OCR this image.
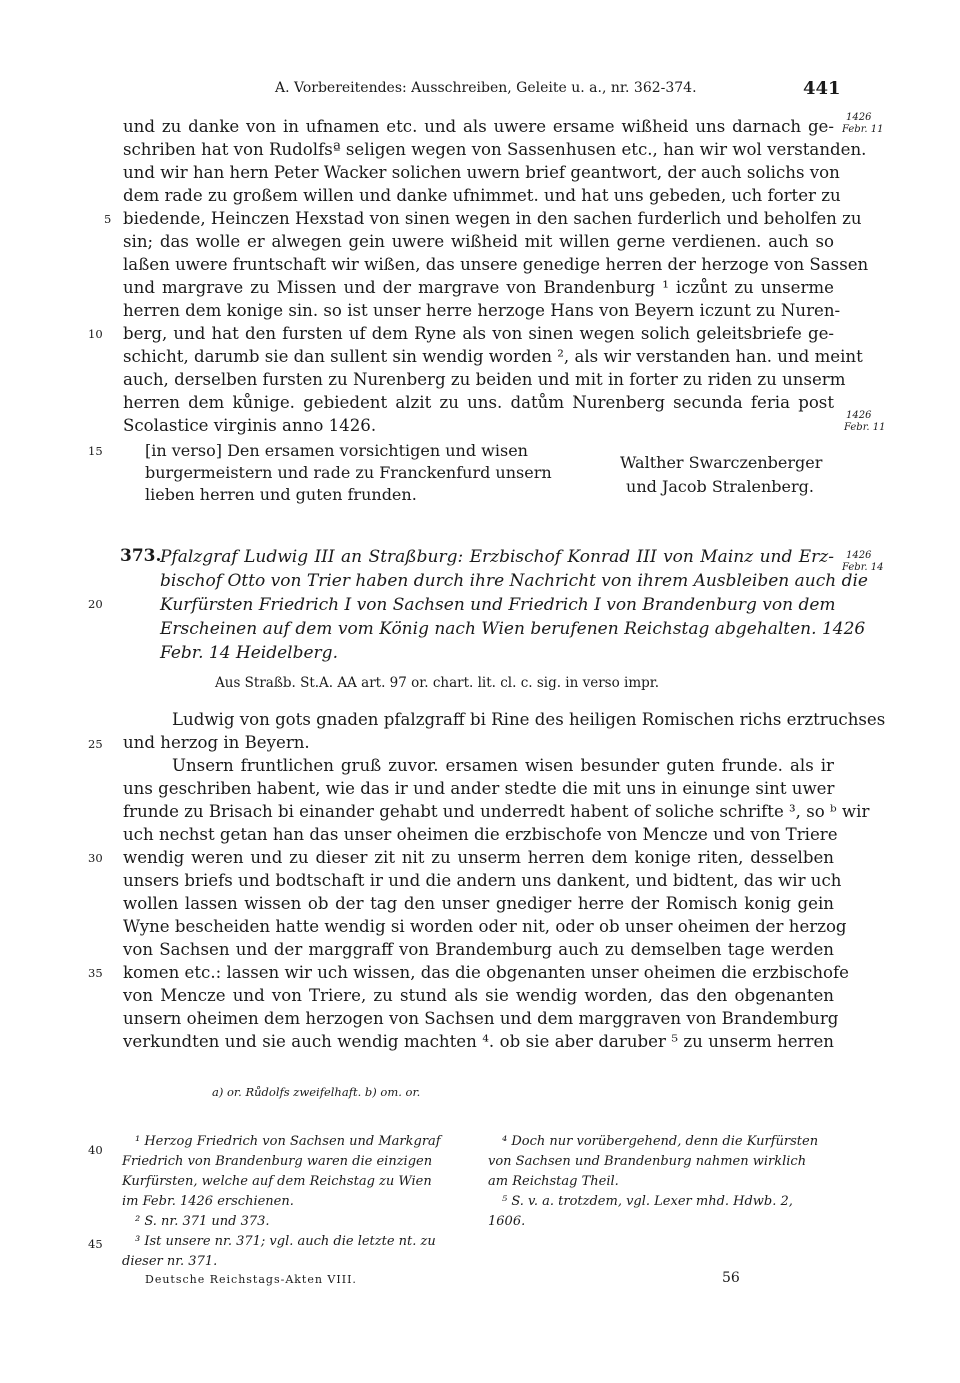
A. Vorbereitendes: Ausschreiben, Geleite u. a., nr. 362-374.	441
und zu danke von in ufnamen etc. und als uwere ersame wißheid uns darnach ge-
schriben hat von Rudolfsª seligen wegen von Sassenhusen etc., han wir wol verstanden.
und wir han hern Peter Wacker solichen uwern brief geantwort, der auch solichs von
dem rade zu großem willen und danke ufnimmet. und hat uns gebeden, uch forter zu
biedende, Heinczen Hexstad von sinen wegen in den sachen furderlich und beholfen zu
sin; das wolle er alwegen gein uwere wißheid mit willen gerne verdienen. auch so
laßen uwere fruntschaft wir wißen, das unsere genedige herren der herzoge von Sassen
und margrave zu Missen und der margrave von Brandenburg ¹ iczůnt zu unserme
herren dem konige sin. so ist unser herre herzoge Hans von Beyern iczunt zu Nuren-
berg, und hat den fursten uf dem Ryne als von sinen wegen solich geleitsbriefe ge-
schicht, darumb sie dan sullent sin wendig worden ², als wir verstanden han. und meint
auch, derselben fursten zu Nurenberg zu beiden und mit in forter zu riden zu unserm
herren dem kůnige. gebiedent alzit zu uns. datům Nurenberg secunda feria post
Scolastice virginis anno 1426.
[in verso] Den ersamen vorsichtigen und wisen
burgermeistern und rade zu Franckenfurd unsern
lieben herren und guten frunden.
Walther Swarczenberger
und Jacob Stralenberg.
1426
Febr. 11
1426
Febr. 11
1426
Febr. 14
5
10
15
20
25
30
35
40
45
373.
Pfalzgraf Ludwig III an Straßburg: Erzbischof Konrad III von Mainz und Erz-
bischof Otto von Trier haben durch ihre Nachricht von ihrem Ausbleiben auch die
Kurfürsten Friedrich I von Sachsen und Friedrich I von Brandenburg von dem
Erscheinen auf dem vom König nach Wien berufenen Reichstag abgehalten. 1426
Febr. 14 Heidelberg.
Aus Straßb. St.A. AA art. 97 or. chart. lit. cl. c. sig. in verso impr.
Ludwig von gots gnaden pfalzgraff bi Rine des heiligen Romischen richs erztruchses
und herzog in Beyern.
Unsern fruntlichen gruß zuvor. ersamen wisen besunder guten frunde. als ir
uns geschriben habent, wie das ir und ander stedte die mit uns in einunge sint uwer
frunde zu Brisach bi einander gehabt und underredt habent of soliche schrifte ³, so ᵇ wir
uch nechst getan han das unser oheimen die erzbischofe von Mencze und von Triere
wendig weren und zu dieser zit nit zu unserm herren dem konige riten, desselben
unsers briefs und bodtschaft ir und die andern uns dankent, und bidtent, das wir uch
wollen lassen wissen ob der tag den unser gnediger herre der Romisch konig gein
Wyne bescheiden hatte wendig si worden oder nit, oder ob unser oheimen der herzog
von Sachsen und der marggraff von Brandemburg auch zu demselben tage werden
komen etc.: lassen wir uch wissen, das die obgenanten unser oheimen die erzbischofe
von Mencze und von Triere, zu stund als sie wendig worden, das den obgenanten
unsern oheimen dem herzogen von Sachsen und dem marggraven von Brandemburg
verkundten und sie auch wendig machten ⁴. ob sie aber daruber ⁵ zu unserm herren
a) or. Růdolfs zweifelhaft. b) om. or.
¹ Herzog Friedrich von Sachsen und Markgraf
Friedrich von Brandenburg waren die einzigen
Kurfürsten, welche auf dem Reichstag zu Wien
im Febr. 1426 erschienen.
² S. nr. 371 und 373.
³ Ist unsere nr. 371; vgl. auch die letzte nt. zu
dieser nr. 371.
⁴ Doch nur vorübergehend, denn die Kurfürsten
von Sachsen und Brandenburg nahmen wirklich
am Reichstag Theil.
⁵ S. v. a. trotzdem, vgl. Lexer mhd. Hdwb. 2,
1606.
Deutsche Reichstags-Akten VIII.	56
